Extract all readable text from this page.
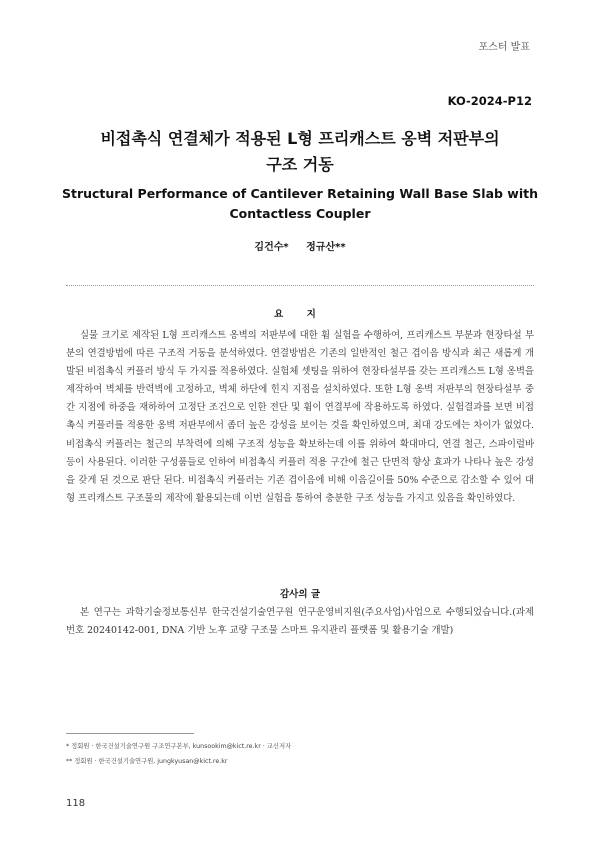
포스터 발표
KO-2024-P12
비접촉식 연결체가 적용된 L형 프리캐스트 옹벽 저판부의
구조 거동
Structural Performance of Cantilever Retaining Wall Base Slab with
Contactless Coupler
김건수* 정규산**
요 지
실물 크기로 제작된 L형 프리캐스트 옹벽의 저판부에 대한 휨 실험을 수행하여, 프리캐스트 부분과 현장타설 부분의 연결방법에 따른 구조적 거동을 분석하였다. 연결방법은 기존의 일반적인 철근 겹이음 방식과 최근 새롭게 개발된 비접촉식 커플러 방식 두 가지를 적용하였다. 실험체 셋팅을 위하여 현장타설부를 갖는 프리캐스트 L형 옹벽을 제작하여 벽체를 반력벽에 고정하고, 벽체 하단에 힌지 지점을 설치하였다. 또한 L형 옹벽 저판부의 현장타설부 중간 지점에 하중을 재하하여 고정단 조건으로 인한 전단 및 휨이 연결부에 작용하도록 하였다. 실험결과를 보면 비접촉식 커플러를 적용한 옹벽 저판부에서 좀더 높은 강성을 보이는 것을 확인하였으며, 최대 강도에는 차이가 없었다. 비접촉식 커플러는 철근의 부착력에 의해 구조적 성능을 확보하는데 이를 위하여 확대마디, 연결 철근, 스파이럴바 등이 사용된다. 이러한 구성품들로 인하여 비접촉식 커플러 적용 구간에 철근 단면적 향상 효과가 나타나 높은 강성을 갖게 된 것으로 판단 된다. 비접촉식 커플러는 기존 겹이음에 비해 이음길이를 50% 수준으로 감소할 수 있어 대형 프리캐스트 구조물의 제작에 활용되는데 이번 실험을 통하여 충분한 구조 성능을 가지고 있음을 확인하였다.
감사의 글
본 연구는 과학기술정보통신부 한국건설기술연구원 연구운영비지원(주요사업)사업으로 수행되었습니다.(과제번호 20240142-001, DNA 기반 노후 교량 구조물 스마트 유지관리 플랫폼 및 활용기술 개발)
* 정회원 · 한국건설기술연구원 구조연구본부, kunsookim@kict.re.kr · 교신저자
** 정회원 · 한국건설기술연구원, jungkyusan@kict.re.kr
118
